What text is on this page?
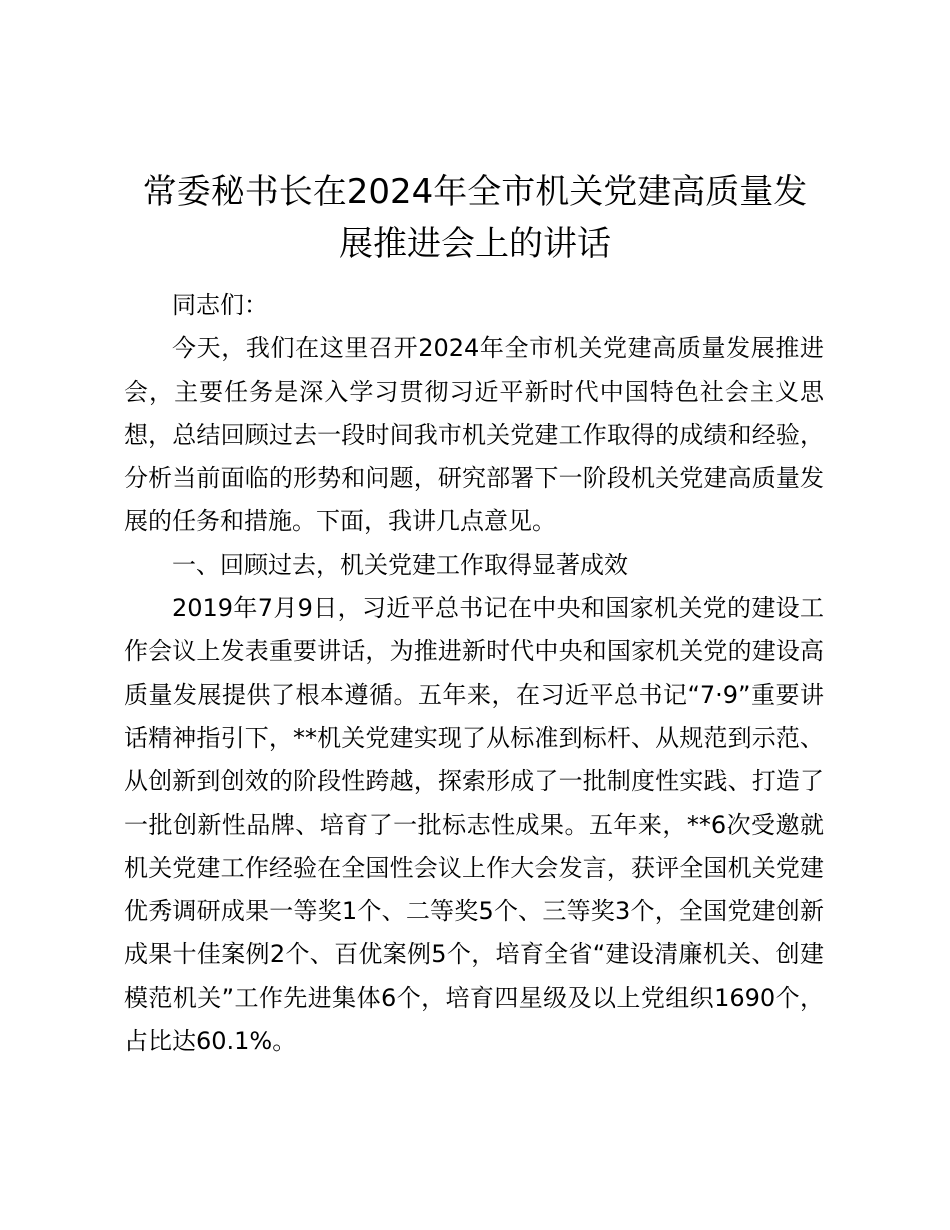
常委秘书长在2024年全市机关党建高质量发
展推进会上的讲话

同志们：

今天，我们在这里召开2024年全市机关党建高质量发展推进会，主要任务是深入学习贯彻习近平新时代中国特色社会主义思想，总结回顾过去一段时间我市机关党建工作取得的成绩和经验，分析当前面临的形势和问题，研究部署下一阶段机关党建高质量发展的任务和措施。下面，我讲几点意见。

一、回顾过去，机关党建工作取得显著成效

2019年7月9日，习近平总书记在中央和国家机关党的建设工作会议上发表重要讲话，为推进新时代中央和国家机关党的建设高质量发展提供了根本遵循。五年来，在习近平总书记“7·9”重要讲话精神指引下，**机关党建实现了从标准到标杆、从规范到示范、从创新到创效的阶段性跨越，探索形成了一批制度性实践、打造了一批创新性品牌、培育了一批标志性成果。五年来，**6次受邀就机关党建工作经验在全国性会议上作大会发言，获评全国机关党建优秀调研成果一等奖1个、二等奖5个、三等奖3个，全国党建创新成果十佳案例2个、百优案例5个，培育全省“建设清廉机关、创建模范机关”工作先进集体6个，培育四星级及以上党组织1690个，占比达60.1%。
